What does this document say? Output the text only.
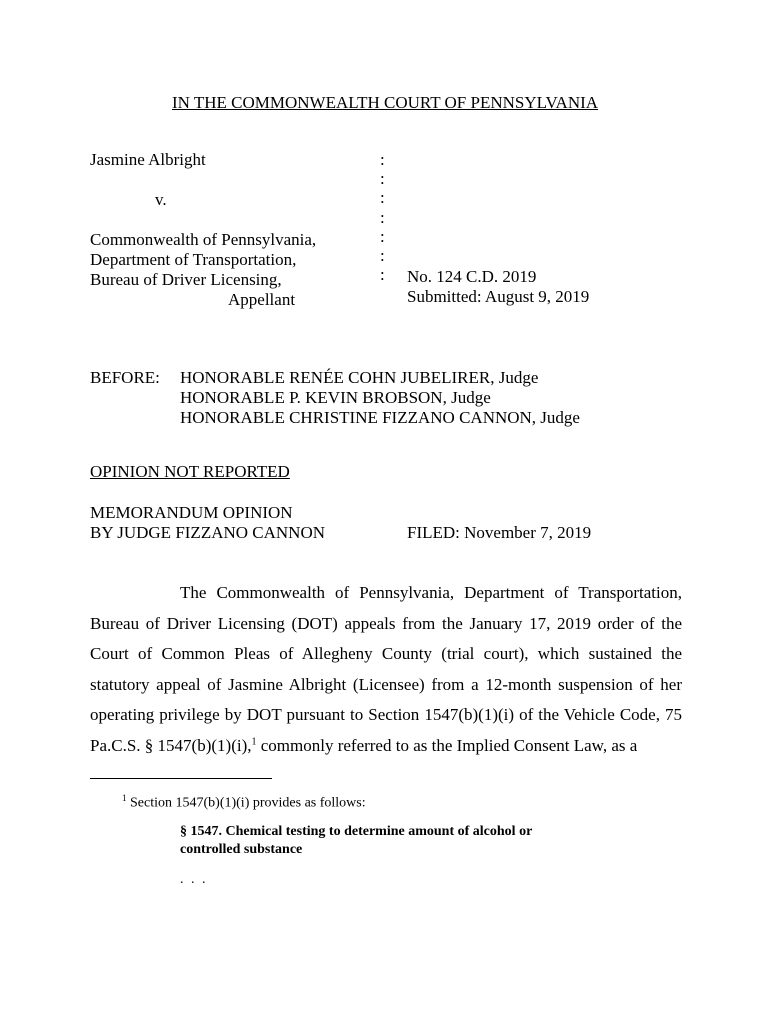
IN THE COMMONWEALTH COURT OF PENNSYLVANIA
Jasmine Albright
v.
Commonwealth of Pennsylvania,
Department of Transportation,
Bureau of Driver Licensing,
Appellant
:
:
:
:
:
:
: No. 124 C.D. 2019
Submitted: August 9, 2019
BEFORE: HONORABLE RENÉE COHN JUBELIRER, Judge
HONORABLE P. KEVIN BROBSON, Judge
HONORABLE CHRISTINE FIZZANO CANNON, Judge
OPINION NOT REPORTED
MEMORANDUM OPINION
BY JUDGE FIZZANO CANNON	FILED: November 7, 2019
The Commonwealth of Pennsylvania, Department of Transportation, Bureau of Driver Licensing (DOT) appeals from the January 17, 2019 order of the Court of Common Pleas of Allegheny County (trial court), which sustained the statutory appeal of Jasmine Albright (Licensee) from a 12-month suspension of her operating privilege by DOT pursuant to Section 1547(b)(1)(i) of the Vehicle Code, 75 Pa.C.S. § 1547(b)(1)(i),$^1$ commonly referred to as the Implied Consent Law, as a
$^1$ Section 1547(b)(1)(i) provides as follows:
§ 1547. Chemical testing to determine amount of alcohol or
controlled substance
. . .
